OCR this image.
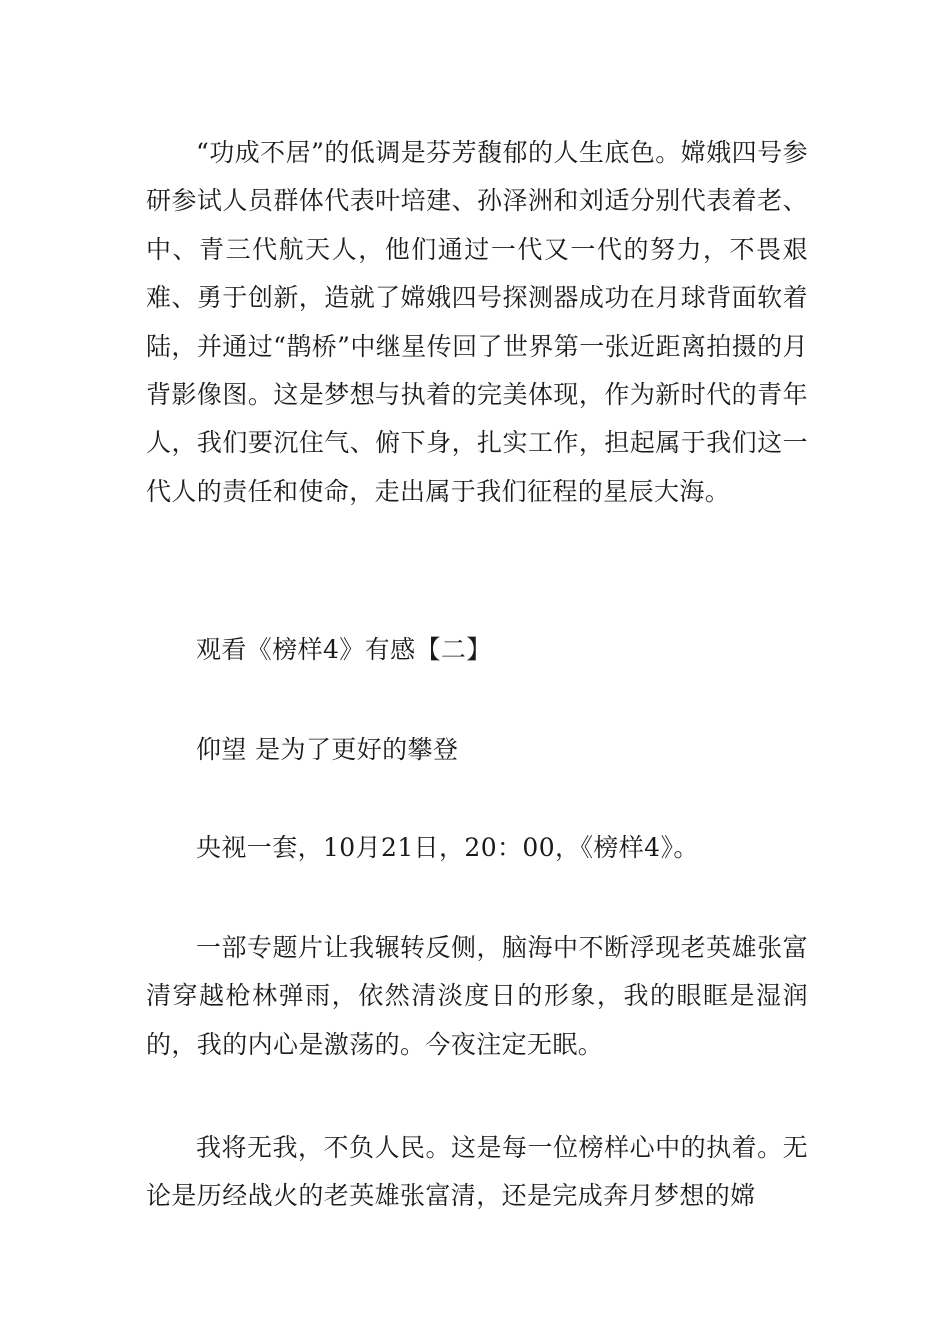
“功成不居”的低调是芬芳馥郁的人生底色。嫦娥四号参研参试人员群体代表叶培建、孙泽洲和刘适分别代表着老、中、青三代航天人，他们通过一代又一代的努力，不畏艰难、勇于创新，造就了嫦娥四号探测器成功在月球背面软着陆，并通过“鹊桥”中继星传回了世界第一张近距离拍摄的月背影像图。这是梦想与执着的完美体现，作为新时代的青年人，我们要沉住气、俯下身，扎实工作，担起属于我们这一代人的责任和使命，走出属于我们征程的星辰大海。

观看《榜样4》有感【二】

仰望 是为了更好的攀登

央视一套，10月21日，20：00，《榜样4》。

一部专题片让我辗转反侧，脑海中不断浮现老英雄张富清穿越枪林弹雨，依然清淡度日的形象，我的眼眶是湿润的，我的内心是激荡的。今夜注定无眠。

我将无我，不负人民。这是每一位榜样心中的执着。无论是历经战火的老英雄张富清，还是完成奔月梦想的嫦
